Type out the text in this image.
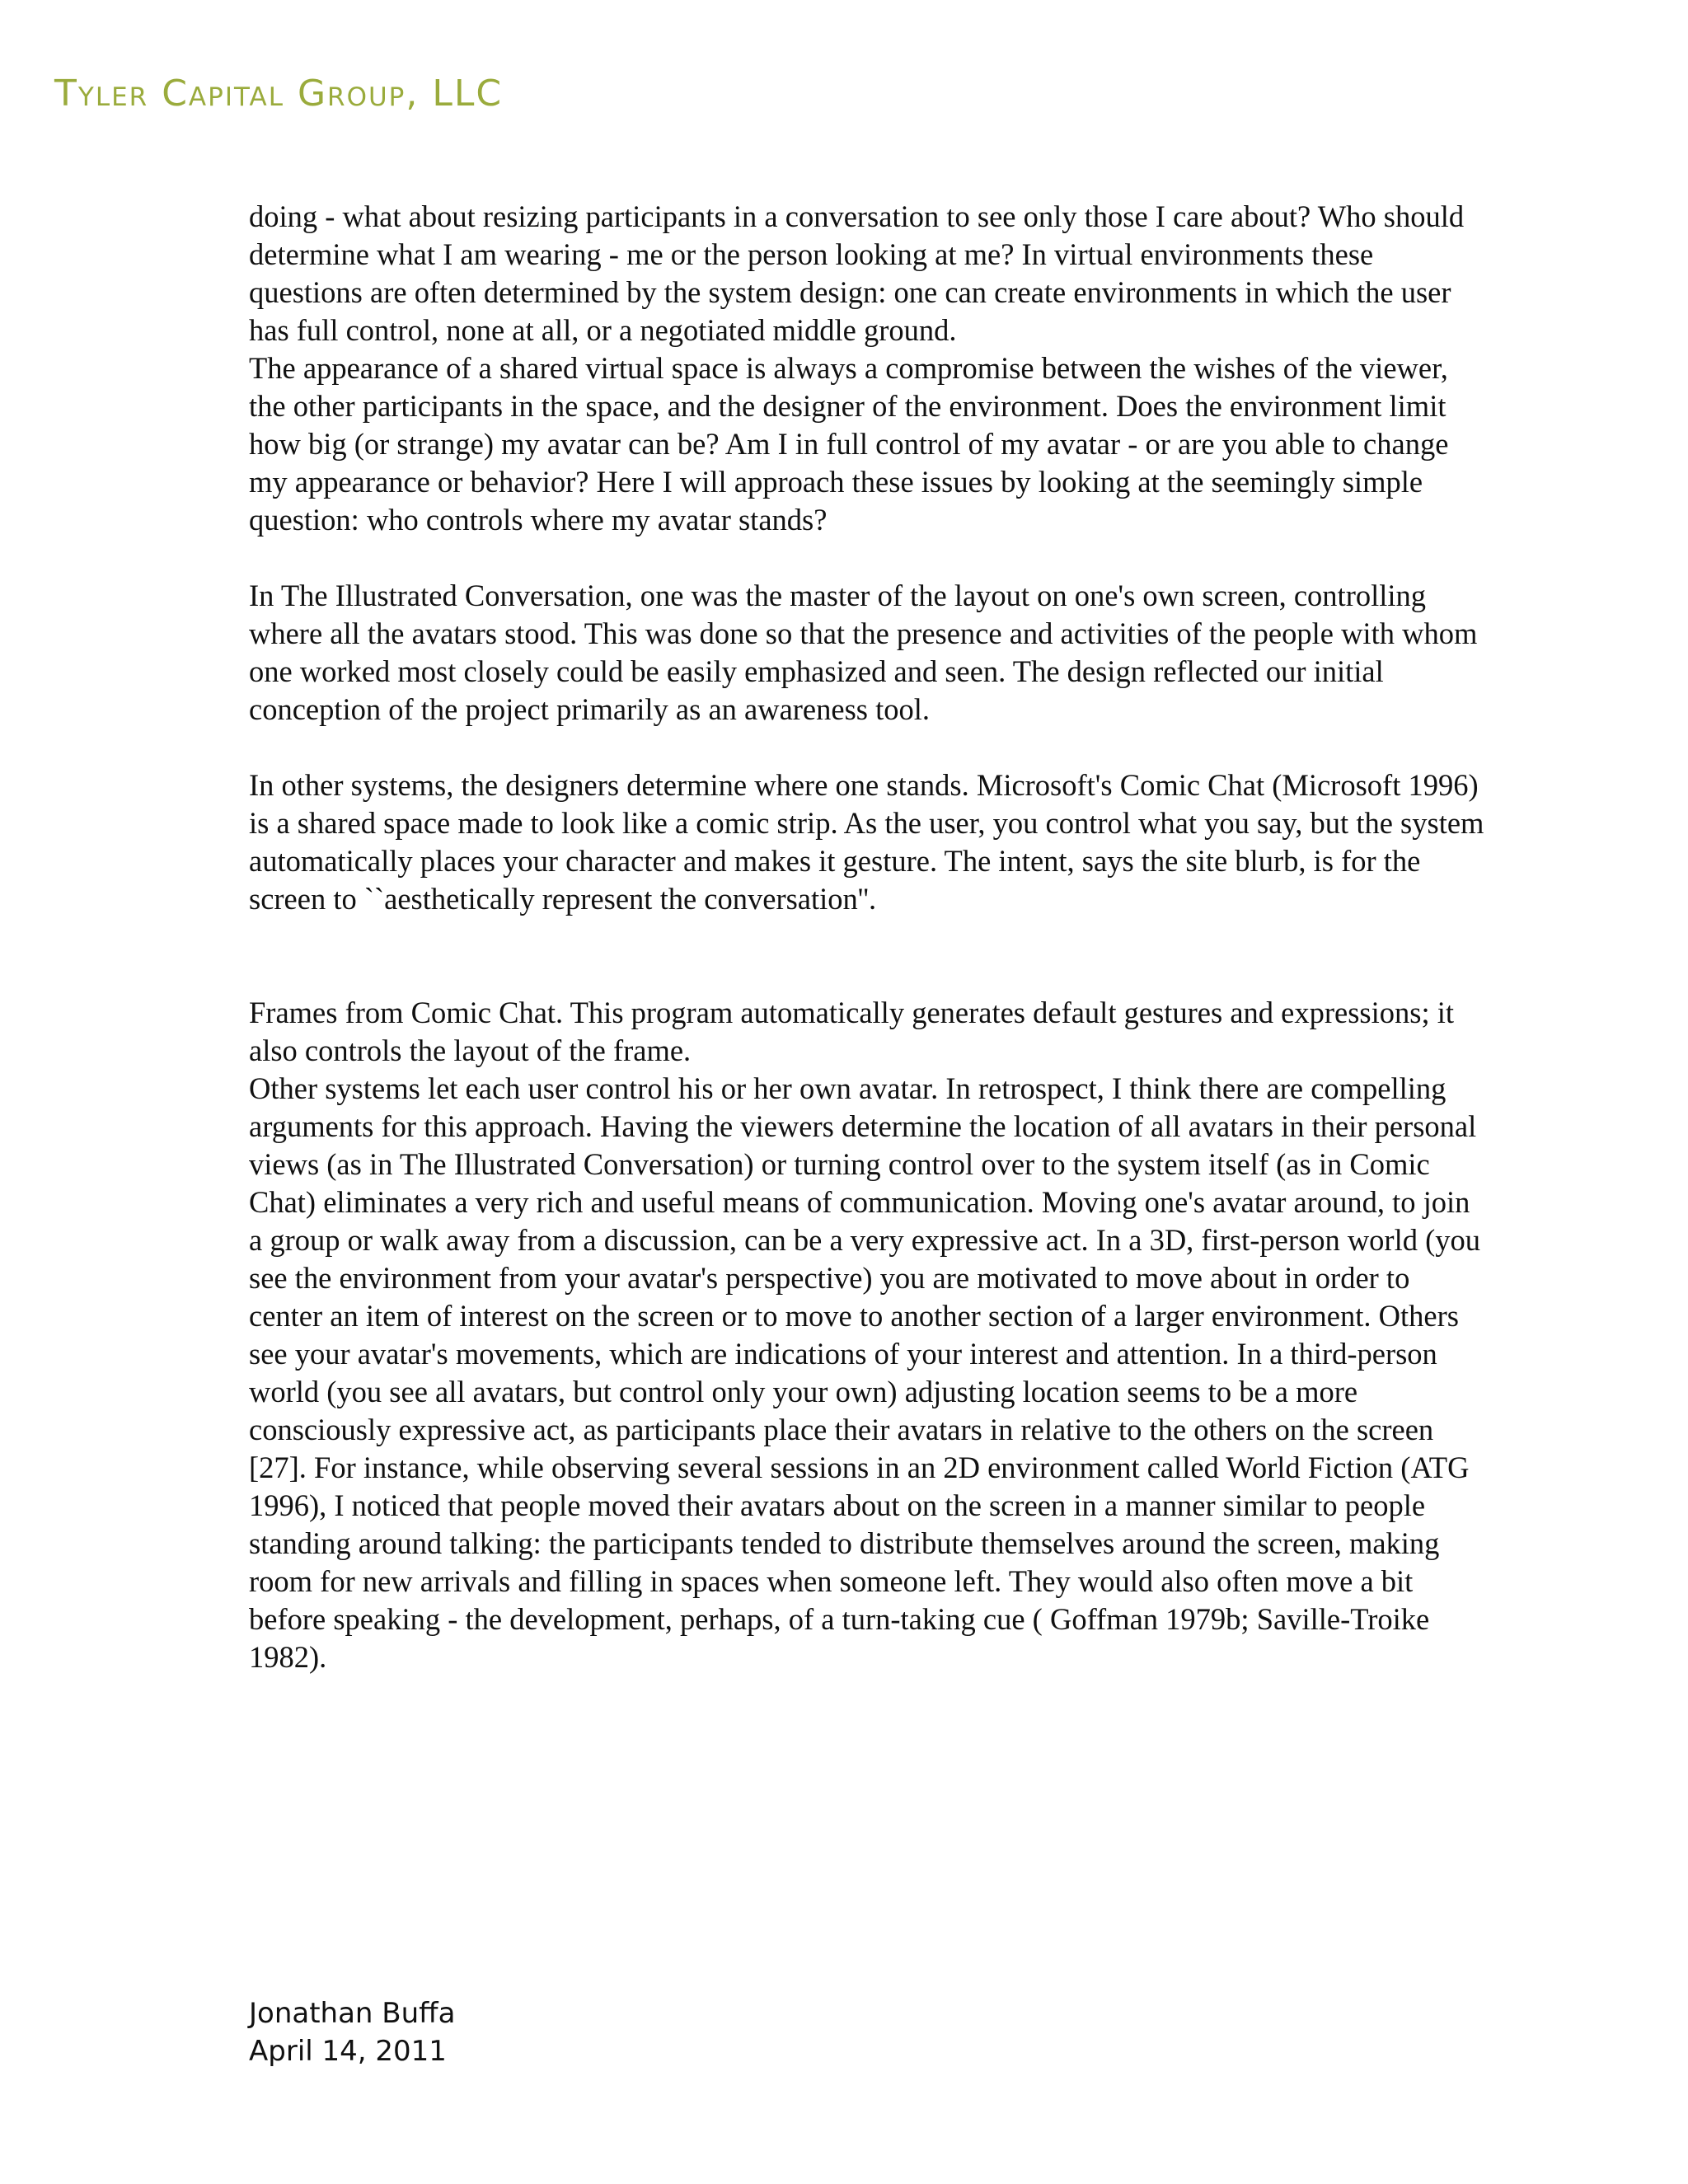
Tyler Capital Group, LLC

doing - what about resizing participants in a conversation to see only those I care about? Who should determine what I am wearing - me or the person looking at me? In virtual environments these questions are often determined by the system design: one can create environments in which the user has full control, none at all, or a negotiated middle ground.

The appearance of a shared virtual space is always a compromise between the wishes of the viewer, the other participants in the space, and the designer of the environment. Does the environment limit how big (or strange) my avatar can be? Am I in full control of my avatar - or are you able to change my appearance or behavior? Here I will approach these issues by looking at the seemingly simple question: who controls where my avatar stands?

In The Illustrated Conversation, one was the master of the layout on one's own screen, controlling where all the avatars stood. This was done so that the presence and activities of the people with whom one worked most closely could be easily emphasized and seen. The design reflected our initial conception of the project primarily as an awareness tool.

In other systems, the designers determine where one stands. Microsoft's Comic Chat (Microsoft 1996) is a shared space made to look like a comic strip. As the user, you control what you say, but the system automatically places your character and makes it gesture. The intent, says the site blurb, is for the screen to ``aesthetically represent the conversation''.

Frames from Comic Chat. This program automatically generates default gestures and expressions; it also controls the layout of the frame.

Other systems let each user control his or her own avatar. In retrospect, I think there are compelling arguments for this approach. Having the viewers determine the location of all avatars in their personal views (as in The Illustrated Conversation) or turning control over to the system itself (as in Comic Chat) eliminates a very rich and useful means of communication. Moving one's avatar around, to join a group or walk away from a discussion, can be a very expressive act. In a 3D, first-person world (you see the environment from your avatar's perspective) you are motivated to move about in order to center an item of interest on the screen or to move to another section of a larger environment. Others see your avatar's movements, which are indications of your interest and attention. In a third-person world (you see all avatars, but control only your own) adjusting location seems to be a more consciously expressive act, as participants place their avatars in relative to the others on the screen [27]. For instance, while observing several sessions in an 2D environment called World Fiction (ATG 1996), I noticed that people moved their avatars about on the screen in a manner similar to people standing around talking: the participants tended to distribute themselves around the screen, making room for new arrivals and filling in spaces when someone left. They would also often move a bit before speaking - the development, perhaps, of a turn-taking cue ( Goffman 1979b; Saville-Troike 1982).

Jonathan Buffa
April 14, 2011
